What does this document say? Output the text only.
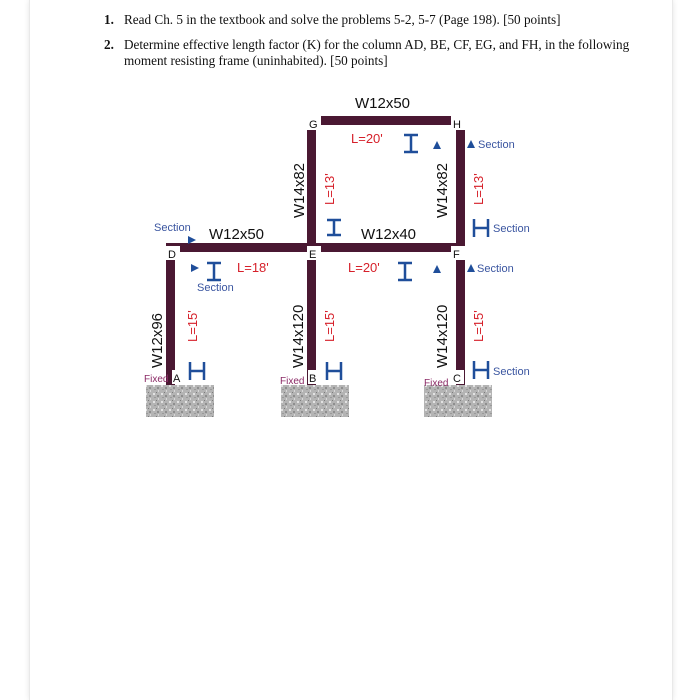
1. Read Ch. 5 in the textbook and solve the problems 5-2, 5-7 (Page 198). [50 points]
2. Determine effective length factor (K) for the column AD, BE, CF, EG, and FH, in the following moment resisting frame (uninhabited). [50 points]
G	H
D	E	F
A	B	C
W12x50
W12x50	W12x40
W14x82	W14x82
W12x96	W14x120	W14x120
L=20'
L=18'	L=20'
L=13'	L=13'
L=15'	L=15'	L=15'
Section
Section
Section
Section
Section
Section
Fixed	Fixed	Fixed
